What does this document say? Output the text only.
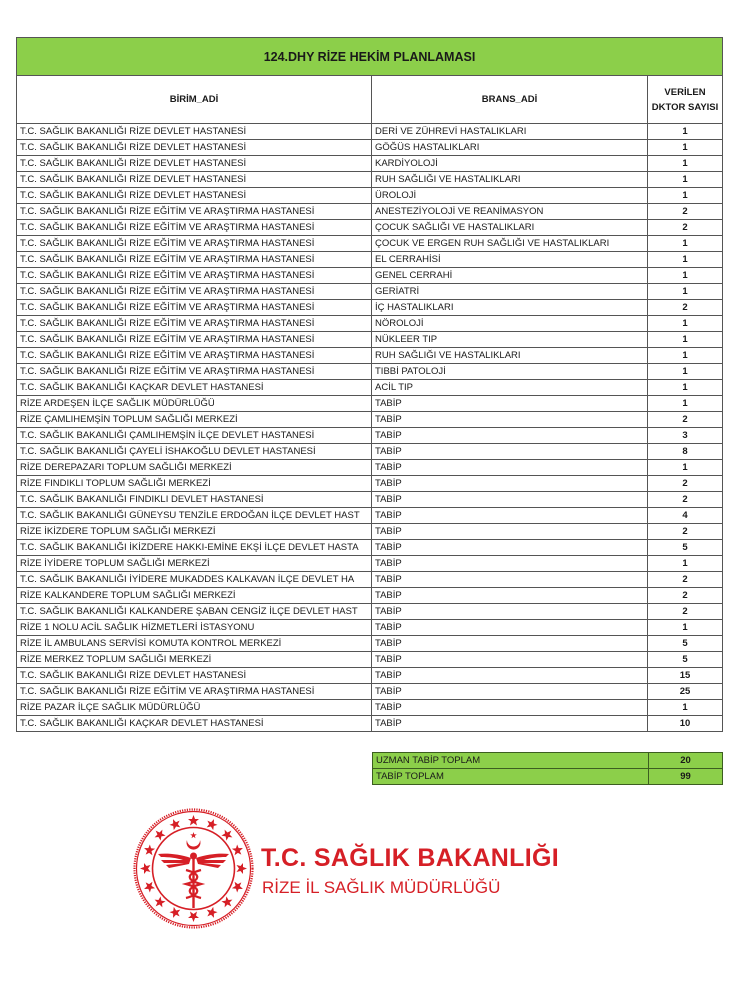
124.DHY RİZE HEKİM PLANLAMASI		
BİRİM_ADİ	BRANS_ADİ	VERİLEN DKTOR SAYISI
T.C. SAĞLIK BAKANLIĞI RİZE DEVLET HASTANESİ	DERİ VE ZÜHREVİ HASTALIKLARI	1
T.C. SAĞLIK BAKANLIĞI RİZE DEVLET HASTANESİ	GÖĞÜS HASTALIKLARI	1
T.C. SAĞLIK BAKANLIĞI RİZE DEVLET HASTANESİ	KARDİYOLOJİ	1
T.C. SAĞLIK BAKANLIĞI RİZE DEVLET HASTANESİ	RUH SAĞLIĞI VE HASTALIKLARI	1
T.C. SAĞLIK BAKANLIĞI RİZE DEVLET HASTANESİ	ÜROLOJİ	1
T.C. SAĞLIK BAKANLIĞI RİZE EĞİTİM VE ARAŞTIRMA HASTANESİ	ANESTEZİYOLOJİ VE REANİMASYON	2
T.C. SAĞLIK BAKANLIĞI RİZE EĞİTİM VE ARAŞTIRMA HASTANESİ	ÇOCUK SAĞLIĞI VE HASTALIKLARI	2
T.C. SAĞLIK BAKANLIĞI RİZE EĞİTİM VE ARAŞTIRMA HASTANESİ	ÇOCUK VE ERGEN RUH SAĞLIĞI VE HASTALIKLARI	1
T.C. SAĞLIK BAKANLIĞI RİZE EĞİTİM VE ARAŞTIRMA HASTANESİ	EL CERRAHİSİ	1
T.C. SAĞLIK BAKANLIĞI RİZE EĞİTİM VE ARAŞTIRMA HASTANESİ	GENEL CERRAHİ	1
T.C. SAĞLIK BAKANLIĞI RİZE EĞİTİM VE ARAŞTIRMA HASTANESİ	GERİATRİ	1
T.C. SAĞLIK BAKANLIĞI RİZE EĞİTİM VE ARAŞTIRMA HASTANESİ	İÇ HASTALIKLARI	2
T.C. SAĞLIK BAKANLIĞI RİZE EĞİTİM VE ARAŞTIRMA HASTANESİ	NÖROLOJİ	1
T.C. SAĞLIK BAKANLIĞI RİZE EĞİTİM VE ARAŞTIRMA HASTANESİ	NÜKLEER TIP	1
T.C. SAĞLIK BAKANLIĞI RİZE EĞİTİM VE ARAŞTIRMA HASTANESİ	RUH SAĞLIĞI VE HASTALIKLARI	1
T.C. SAĞLIK BAKANLIĞI RİZE EĞİTİM VE ARAŞTIRMA HASTANESİ	TIBBİ PATOLOJİ	1
T.C. SAĞLIK BAKANLIĞI KAÇKAR DEVLET HASTANESİ	ACİL TIP	1
RİZE ARDEŞEN İLÇE SAĞLIK MÜDÜRLÜĞÜ	TABİP	1
RİZE ÇAMLIHEMŞİN TOPLUM SAĞLIĞI MERKEZİ	TABİP	2
T.C. SAĞLIK BAKANLIĞI ÇAMLIHEMŞİN İLÇE DEVLET HASTANESİ	TABİP	3
T.C. SAĞLIK BAKANLIĞI ÇAYELİ İSHAKOĞLU DEVLET HASTANESİ	TABİP	8
RİZE DEREPAZARI TOPLUM SAĞLIĞI MERKEZİ	TABİP	1
RİZE FINDIKLI TOPLUM SAĞLIĞI MERKEZİ	TABİP	2
T.C. SAĞLIK BAKANLIĞI FINDIKLI DEVLET HASTANESİ	TABİP	2
T.C. SAĞLIK BAKANLIĞI GÜNEYSU TENZİLE ERDOĞAN İLÇE DEVLET HAST	TABİP	4
RİZE İKİZDERE TOPLUM SAĞLIĞI MERKEZİ	TABİP	2
T.C. SAĞLIK BAKANLIĞI İKİZDERE HAKKI-EMİNE EKŞİ İLÇE DEVLET HASTA	TABİP	5
RİZE İYİDERE TOPLUM SAĞLIĞI MERKEZİ	TABİP	1
T.C. SAĞLIK BAKANLIĞI İYİDERE MUKADDES KALKAVAN İLÇE DEVLET HA	TABİP	2
RİZE KALKANDERE TOPLUM SAĞLIĞI MERKEZİ	TABİP	2
T.C. SAĞLIK BAKANLIĞI KALKANDERE ŞABAN CENGİZ İLÇE DEVLET HAST	TABİP	2
RİZE 1 NOLU ACİL SAĞLIK HİZMETLERİ İSTASYONU	TABİP	1
RİZE İL AMBULANS SERVİSİ KOMUTA KONTROL MERKEZİ	TABİP	5
RİZE MERKEZ TOPLUM SAĞLIĞI MERKEZİ	TABİP	5
T.C. SAĞLIK BAKANLIĞI RİZE DEVLET HASTANESİ	TABİP	15
T.C. SAĞLIK BAKANLIĞI RİZE EĞİTİM VE ARAŞTIRMA HASTANESİ	TABİP	25
RİZE PAZAR İLÇE SAĞLIK MÜDÜRLÜĞÜ	TABİP	1
T.C. SAĞLIK BAKANLIĞI KAÇKAR DEVLET HASTANESİ	TABİP	10
UZMAN TABİP TOPLAM	20
TABİP TOPLAM	99
T.C. SAĞLIK BAKANLIĞI
RİZE İL SAĞLIK MÜDÜRLÜĞÜ
